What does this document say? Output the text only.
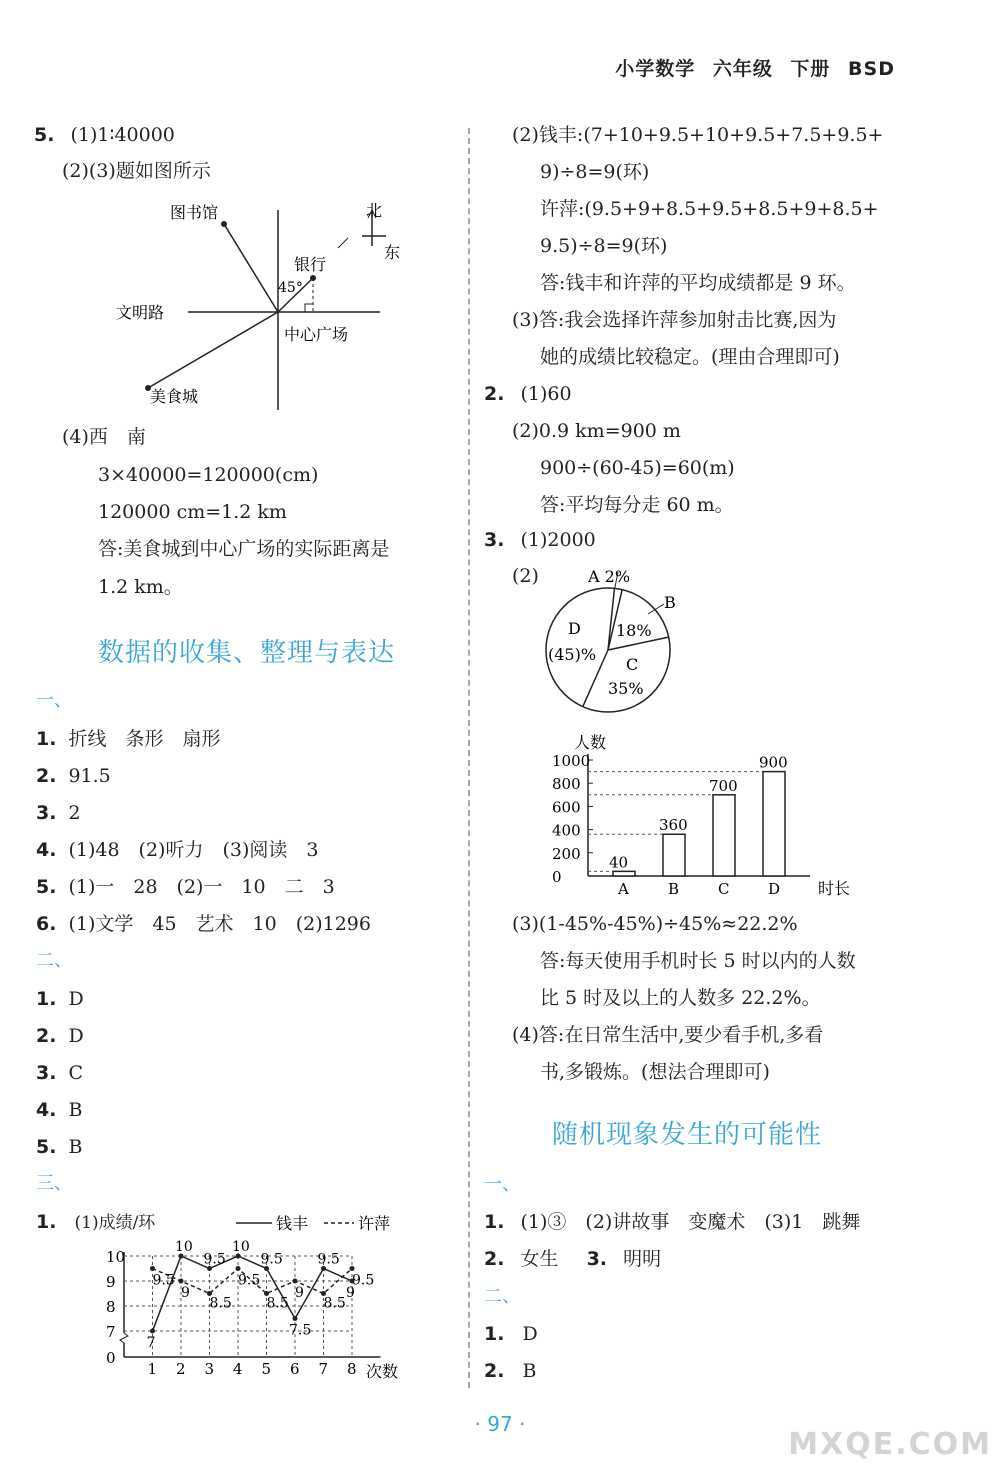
小学数学 六年级 下册 BSD
5. (1)1∶40000
(2)(3)题如图所示
图书馆	北
东
银行
45°
文明路
中心广场
美食城
(4)西　南
3×40000=120000(cm)
120000 cm=1.2 km
答:美食城到中心广场的实际距离是
1.2 km。
数据的收集、整理与表达
一、
1. 折线　条形　扇形
2. 91.5
3. 2
4. (1)48　(2)听力　(3)阅读　3
5. (1)一　28　(2)一　10　二　3
6. (1)文学　45　艺术　10　(2)1296
二、
1. D
2. D
3. C
4. B
5. B
三、
1. (1)成绩/环
0
7
8
9
10
1 2 3 4 5 6 7 8
7
10
9.5
10
9.5
7.5
9.5
9
9.5
9
8.5
9.5
8.5
9
8.5
9.5
钱丰	许萍
次数
(2)钱丰:(7+10+9.5+10+9.5+7.5+9.5+
9)÷8=9(环)
许萍:(9.5+9+8.5+9.5+8.5+9+8.5+
9.5)÷8=9(环)
答:钱丰和许萍的平均成绩都是 9 环。
(3)答:我会选择许萍参加射击比赛,因为
她的成绩比较稳定。(理由合理即可)
2. (1)60
(2)0.9 km=900 m
900÷(60-45)=60(m)
答:平均每分走 60 m。
3. (1)2000
(2)	A 2%
B
18%
C
35%
D
(45)%
人数
时长
0
200
400
600
800
1000
40
A
360
B
700
C
900
D
(3)(1-45%-45%)÷45%≈22.2%
答:每天使用手机时长 5 时以内的人数
比 5 时及以上的人数多 22.2%。
(4)答:在日常生活中,要少看手机,多看
书,多锻炼。(想法合理即可)
随机现象发生的可能性
一、
1. (1)③　(2)讲故事　变魔术　(3)1　跳舞
2. 女生 3. 明明
二、
1. D
2. B
· 97 ·
MXQE.COM
